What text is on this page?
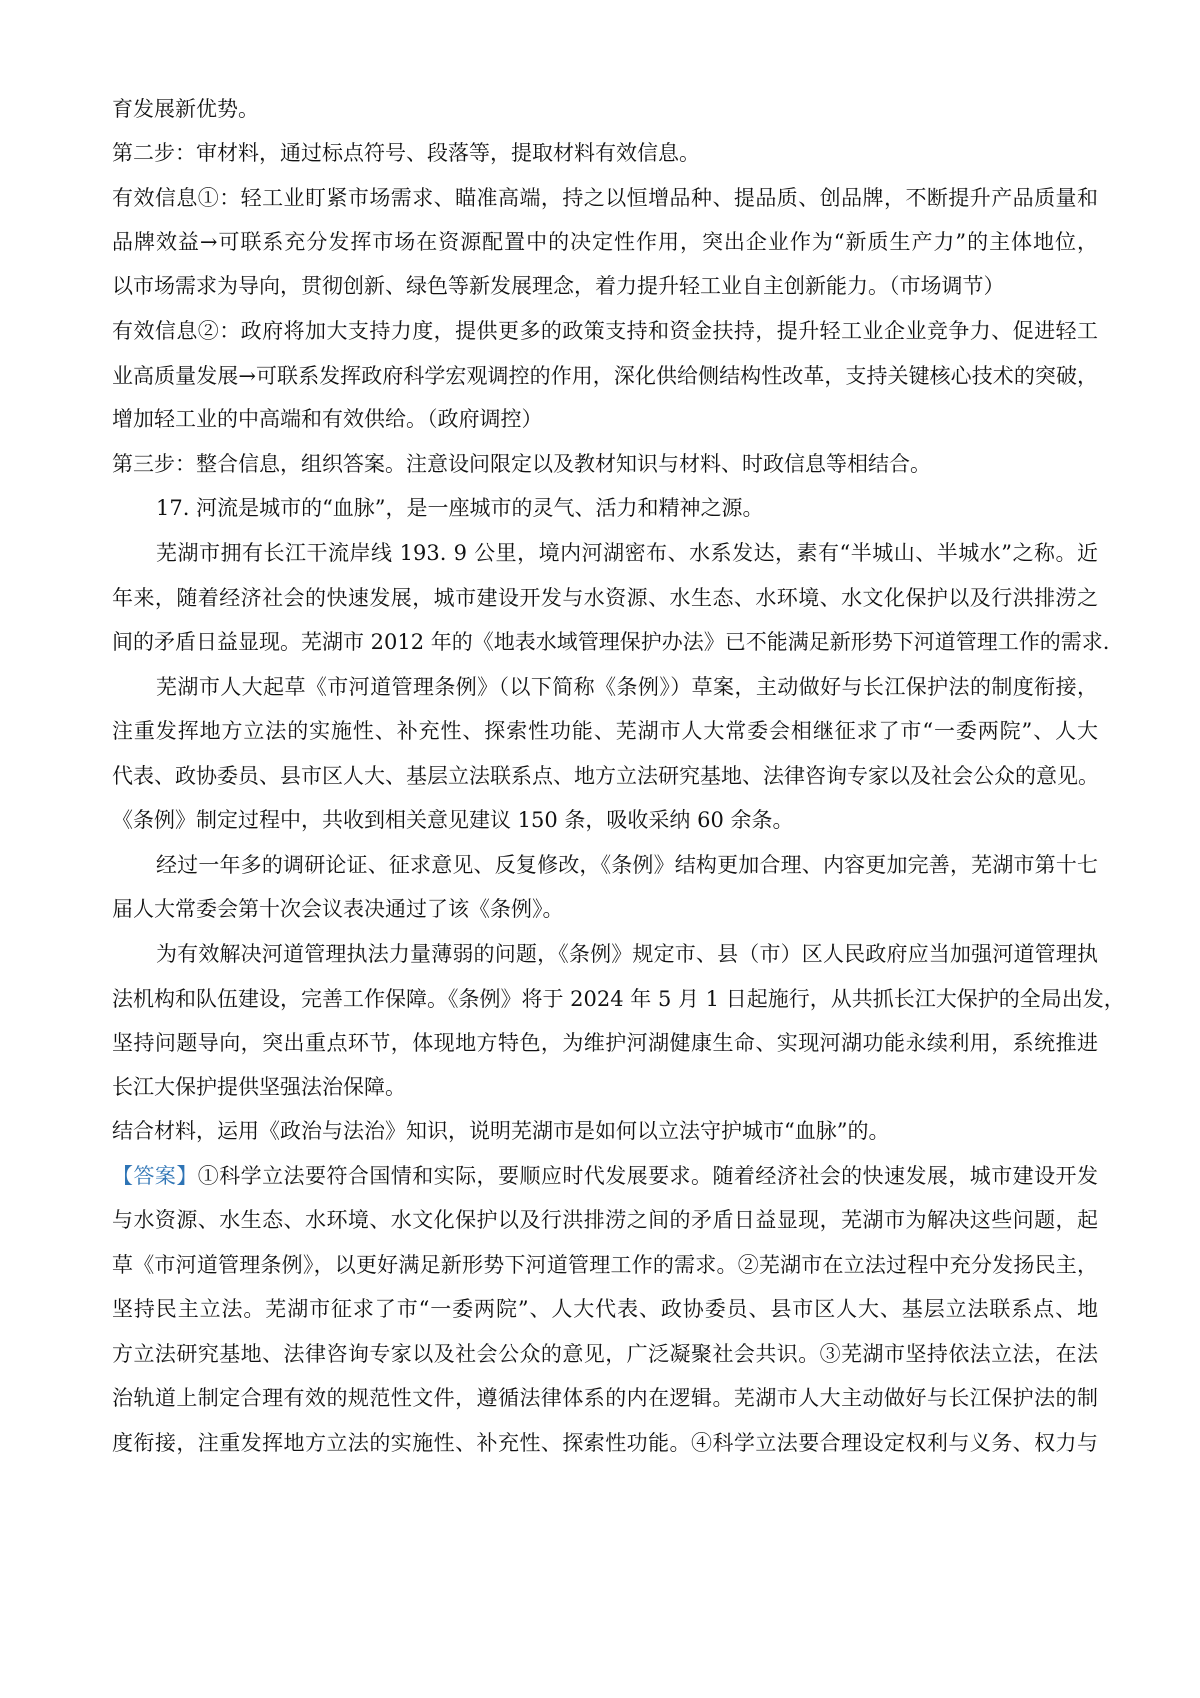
育发展新优势。
第二步：审材料，通过标点符号、段落等，提取材料有效信息。
有效信息①：轻工业盯紧市场需求、瞄准高端，持之以恒增品种、提品质、创品牌，不断提升产品质量和
品牌效益→可联系充分发挥市场在资源配置中的决定性作用，突出企业作为“新质生产力”的主体地位，
以市场需求为导向，贯彻创新、绿色等新发展理念，着力提升轻工业自主创新能力。（市场调节）
有效信息②：政府将加大支持力度，提供更多的政策支持和资金扶持，提升轻工业企业竞争力、促进轻工
业高质量发展→可联系发挥政府科学宏观调控的作用，深化供给侧结构性改革，支持关键核心技术的突破，
增加轻工业的中高端和有效供给。（政府调控）
第三步：整合信息，组织答案。注意设问限定以及教材知识与材料、时政信息等相结合。
17. 河流是城市的“血脉”，是一座城市的灵气、活力和精神之源。
芜湖市拥有长江干流岸线 193. 9 公里，境内河湖密布、水系发达，素有“半城山、半城水”之称。近
年来，随着经济社会的快速发展，城市建设开发与水资源、水生态、水环境、水文化保护以及行洪排涝之
间的矛盾日益显现。芜湖市 2012 年的《地表水域管理保护办法》已不能满足新形势下河道管理工作的需求.
芜湖市人大起草《市河道管理条例》（以下简称《条例》）草案，主动做好与长江保护法的制度衔接，
注重发挥地方立法的实施性、补充性、探索性功能、芜湖市人大常委会相继征求了市“一委两院”、人大
代表、政协委员、县市区人大、基层立法联系点、地方立法研究基地、法律咨询专家以及社会公众的意见。
《条例》制定过程中，共收到相关意见建议 150 条，吸收采纳 60 余条。
经过一年多的调研论证、征求意见、反复修改，《条例》结构更加合理、内容更加完善，芜湖市第十七
届人大常委会第十次会议表决通过了该《条例》。
为有效解决河道管理执法力量薄弱的问题，《条例》规定市、县（市）区人民政府应当加强河道管理执
法机构和队伍建设，完善工作保障。《条例》将于 2024 年 5 月 1 日起施行，从共抓长江大保护的全局出发，
坚持问题导向，突出重点环节，体现地方特色，为维护河湖健康生命、实现河湖功能永续利用，系统推进
长江大保护提供坚强法治保障。
结合材料，运用《政治与法治》知识，说明芜湖市是如何以立法守护城市“血脉”的。
【答案】①科学立法要符合国情和实际，要顺应时代发展要求。随着经济社会的快速发展，城市建设开发
与水资源、水生态、水环境、水文化保护以及行洪排涝之间的矛盾日益显现，芜湖市为解决这些问题，起
草《市河道管理条例》，以更好满足新形势下河道管理工作的需求。②芜湖市在立法过程中充分发扬民主，
坚持民主立法。芜湖市征求了市“一委两院”、人大代表、政协委员、县市区人大、基层立法联系点、地
方立法研究基地、法律咨询专家以及社会公众的意见，广泛凝聚社会共识。③芜湖市坚持依法立法，在法
治轨道上制定合理有效的规范性文件，遵循法律体系的内在逻辑。芜湖市人大主动做好与长江保护法的制
度衔接，注重发挥地方立法的实施性、补充性、探索性功能。④科学立法要合理设定权利与义务、权力与
